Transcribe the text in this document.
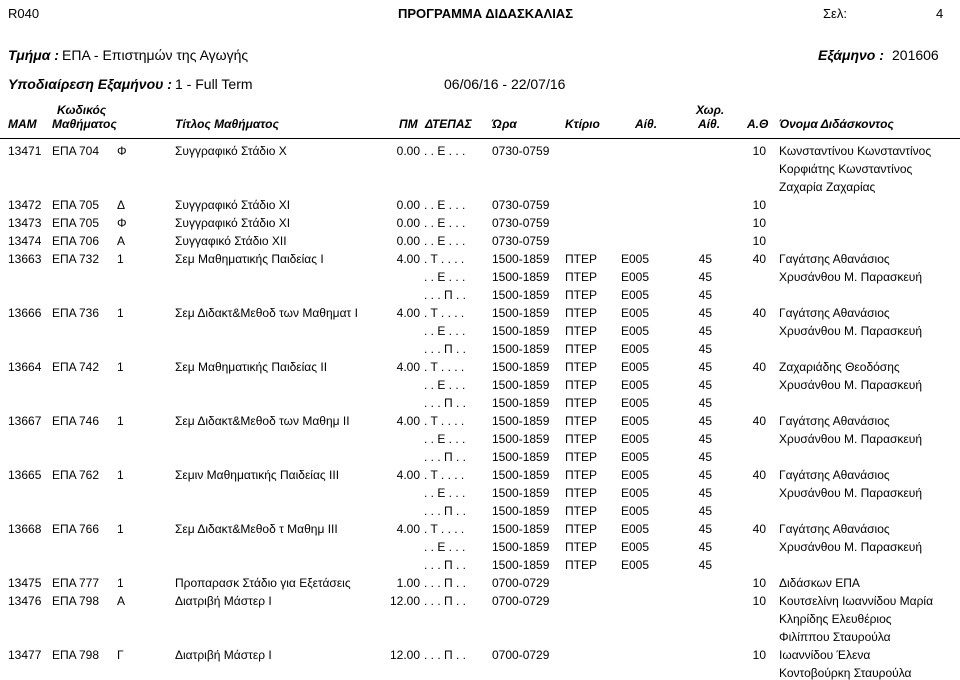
R040	ΠΡΟΓΡΑΜΜΑ ΔΙΔΑΣΚΑΛΙΑΣ	Σελ:	4
Τμήμα : ΕΠΑ - Επιστημών της Αγωγής	Εξάμηνο : 201606
Υποδιαίρεση Εξαμήνου : 1 - Full Term	06/06/16 - 22/07/16
Κωδικός	Χωρ.
ΜΑΜ Μαθήματος	Τίτλος Μαθήματος	ΠΜ ΔΤΕΠΑΣ Ώρα	Κτίριο	Αίθ.	Αίθ. Α.Θ Όνομα Διδάσκοντος
13471 ΕΠΑ 704 Φ	Συγγραφικό Στάδιο Χ	0.00 . . Ε . . . 0730-0759	10 Κωνσταντίνου Κωνσταντίνος
Κορφιάτης Κωνσταντίνος
Ζαχαρία Ζαχαρίας
13472 ΕΠΑ 705 Δ	Συγγραφικό Στάδιο ΧΙ	0.00 . . Ε . . . 0730-0759	10
13473 ΕΠΑ 705 Φ	Συγγραφικό Στάδιο ΧΙ	0.00 . . Ε . . . 0730-0759	10
13474 ΕΠΑ 706 Α	Συγγαφικό Στάδιο ΧΙΙ	0.00 . . Ε . . . 0730-0759	10
13663 ΕΠΑ 732 1	Σεμ Μαθηματικής Παιδείας Ι	4.00 . Τ . . . . 1500-1859 ΠΤΕΡ Ε005	45	40 Γαγάτσης Αθανάσιος
. . Ε . . . 1500-1859 ΠΤΕΡ Ε005	45	Χρυσάνθου Μ. Παρασκευή
. . . Π . . 1500-1859 ΠΤΕΡ Ε005	45
13666 ΕΠΑ 736 1	Σεμ Διδακτ&Μεθοδ των Μαθηματ Ι	4.00 . Τ . . . . 1500-1859 ΠΤΕΡ Ε005	45	40 Γαγάτσης Αθανάσιος
. . Ε . . . 1500-1859 ΠΤΕΡ Ε005	45	Χρυσάνθου Μ. Παρασκευή
. . . Π . . 1500-1859 ΠΤΕΡ Ε005	45
13664 ΕΠΑ 742 1	Σεμ Μαθηματικής Παιδείας ΙΙ	4.00 . Τ . . . . 1500-1859 ΠΤΕΡ Ε005	45	40 Ζαχαριάδης Θεοδόσης
. . Ε . . . 1500-1859 ΠΤΕΡ Ε005	45	Χρυσάνθου Μ. Παρασκευή
. . . Π . . 1500-1859 ΠΤΕΡ Ε005	45
13667 ΕΠΑ 746 1	Σεμ Διδακτ&Μεθοδ των Μαθημ ΙΙ	4.00 . Τ . . . . 1500-1859 ΠΤΕΡ Ε005	45	40 Γαγάτσης Αθανάσιος
. . Ε . . . 1500-1859 ΠΤΕΡ Ε005	45	Χρυσάνθου Μ. Παρασκευή
. . . Π . . 1500-1859 ΠΤΕΡ Ε005	45
13665 ΕΠΑ 762 1	Σεμιν Μαθηματικής Παιδείας ΙΙΙ	4.00 . Τ . . . . 1500-1859 ΠΤΕΡ Ε005	45	40 Γαγάτσης Αθανάσιος
. . Ε . . . 1500-1859 ΠΤΕΡ Ε005	45	Χρυσάνθου Μ. Παρασκευή
. . . Π . . 1500-1859 ΠΤΕΡ Ε005	45
13668 ΕΠΑ 766 1	Σεμ Διδακτ&Μεθοδ τ Μαθημ ΙΙΙ	4.00 . Τ . . . . 1500-1859 ΠΤΕΡ Ε005	45	40 Γαγάτσης Αθανάσιος
. . Ε . . . 1500-1859 ΠΤΕΡ Ε005	45	Χρυσάνθου Μ. Παρασκευή
. . . Π . . 1500-1859 ΠΤΕΡ Ε005	45
13475 ΕΠΑ 777 1	Προπαρασκ Στάδιο για Εξετάσεις	1.00 . . . Π . . 0700-0729	10 Διδάσκων ΕΠΑ
13476 ΕΠΑ 798 Α	Διατριβή Μάστερ Ι	12.00 . . . Π . . 0700-0729	10 Κουτσελίνη Ιωαννίδου Μαρία
Κληρίδης Ελευθέριος
Φιλίππου Σταυρούλα
13477 ΕΠΑ 798 Γ	Διατριβή Μάστερ Ι	12.00 . . . Π . . 0700-0729	10 Ιωαννίδου Έλενα
Κοντοβούρκη Σταυρούλα
